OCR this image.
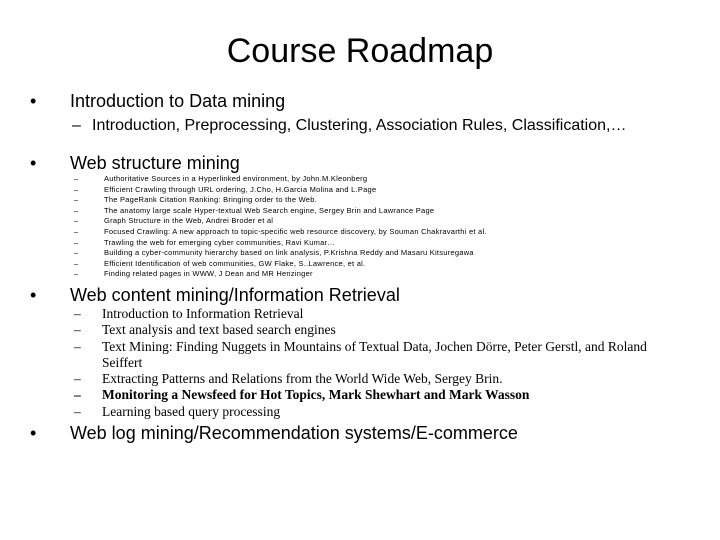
Course Roadmap
• Introduction to Data mining
– Introduction, Preprocessing, Clustering, Association Rules, Classification,…
• Web structure mining
–	Authoritative Sources in a Hyperlinked environment, by John.M.Kleonberg
–	Efficient Crawling through URL ordering, J.Cho, H.Garcia Molina and L.Page
–	The PageRank Citation Ranking: Bringing order to the Web.
–	The anatomy large scale Hyper-textual Web Search engine, Sergey Brin and Lawrance Page
–	Graph Structure in the Web, Andrei Broder et al
–	Focused Crawling: A new approach to topic-specific web resource discovery, by Souman Chakravarthi et al.
–	Trawling the web for emerging cyber communities, Ravi Kumar…
–	Building a cyber-community hierarchy based on link analysis, P.Krishna Reddy and Masaru Kitsuregawa
–	Efficient Identification of web communities, GW Flake, S..Lawrence, et al.
–	Finding related pages in WWW, J Dean and MR Henzinger
• Web content mining/Information Retrieval
– Introduction to Information Retrieval
– Text analysis and text based search engines
– Text Mining: Finding Nuggets in Mountains of Textual Data, Jochen Dörre, Peter Gerstl, and Roland Seiffert
– Extracting Patterns and Relations from the World Wide Web, Sergey Brin.
– Monitoring a Newsfeed for Hot Topics, Mark Shewhart and Mark Wasson
– Learning based query processing
• Web log mining/Recommendation systems/E-commerce
